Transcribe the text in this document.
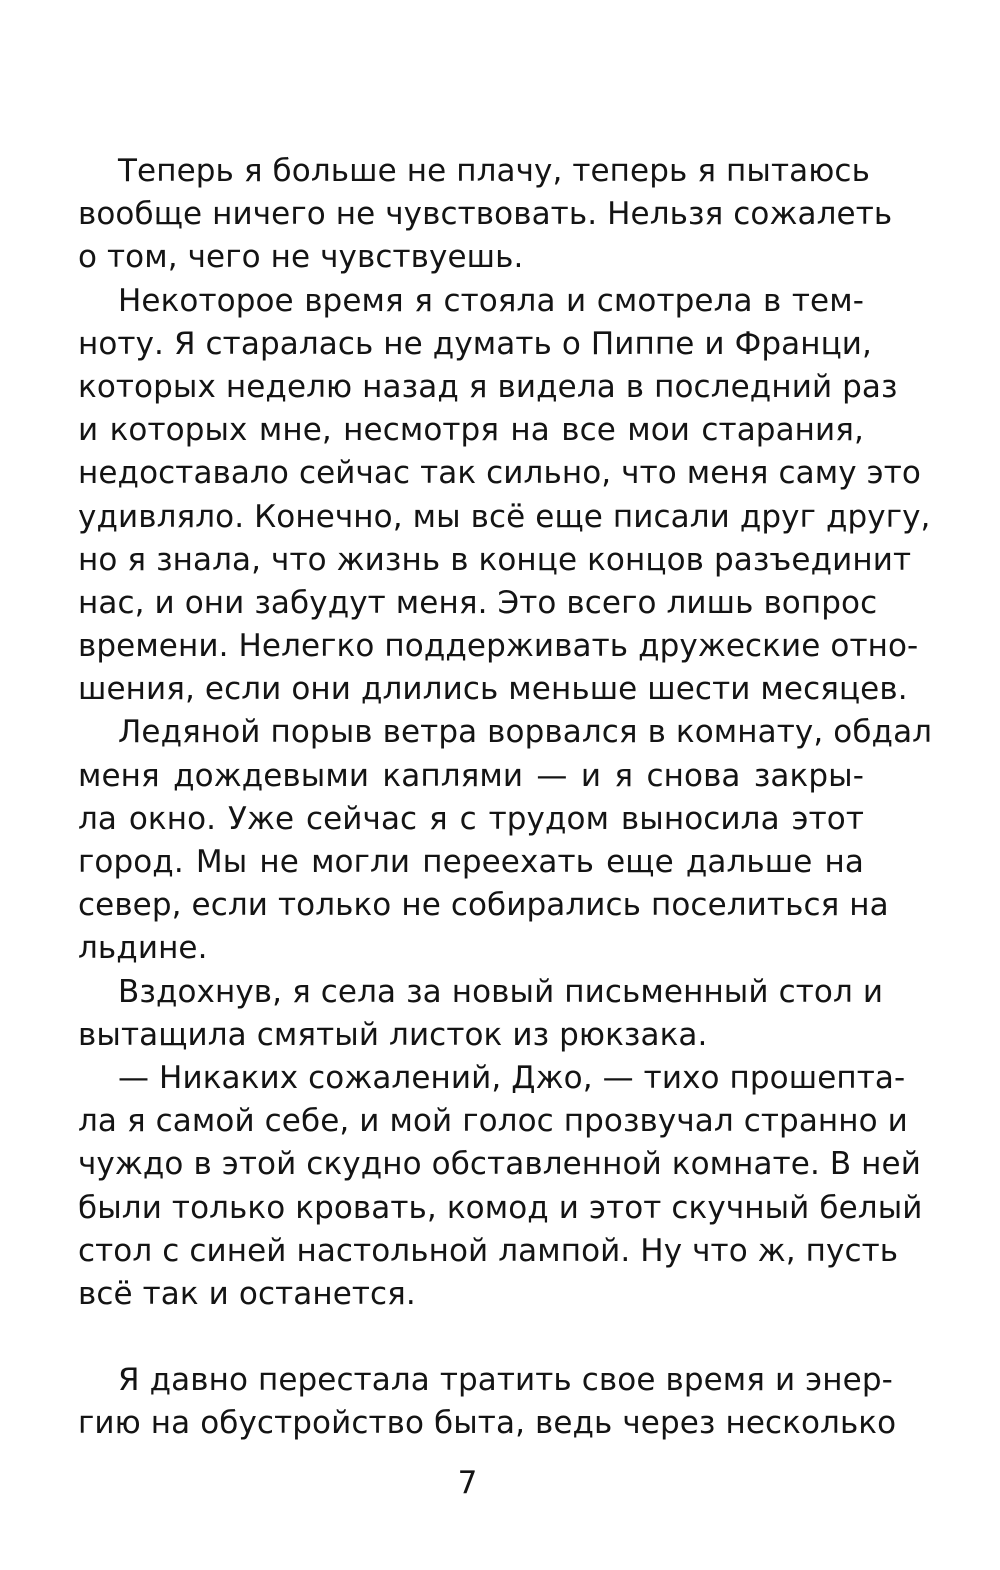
Теперь я больше не плачу, теперь я пытаюсь
вообще ничего не чувствовать. Нельзя сожалеть
о том, чего не чувствуешь.
Некоторое время я стояла и смотрела в тем-
ноту. Я старалась не думать о Пиппе и Франци,
которых неделю назад я видела в последний раз
и которых мне, несмотря на все мои старания,
недоставало сейчас так сильно, что меня саму это
удивляло. Конечно, мы всё еще писали друг другу,
но я знала, что жизнь в конце концов разъединит
нас, и они забудут меня. Это всего лишь вопрос
времени. Нелегко поддерживать дружеские отно-
шения, если они длились меньше шести месяцев.
Ледяной порыв ветра ворвался в комнату, обдал
меня дождевыми каплями — и я снова закры-
ла окно. Уже сейчас я с трудом выносила этот
город. Мы не могли переехать еще дальше на
север, если только не собирались поселиться на
льдине.
Вздохнув, я села за новый письменный стол и
вытащила смятый листок из рюкзака.
— Никаких сожалений, Джо, — тихо прошепта-
ла я самой себе, и мой голос прозвучал странно и
чуждо в этой скудно обставленной комнате. В ней
были только кровать, комод и этот скучный белый
стол с синей настольной лампой. Ну что ж, пусть
всё так и останется.
Я давно перестала тратить свое время и энер-
гию на обустройство быта, ведь через несколько
7
